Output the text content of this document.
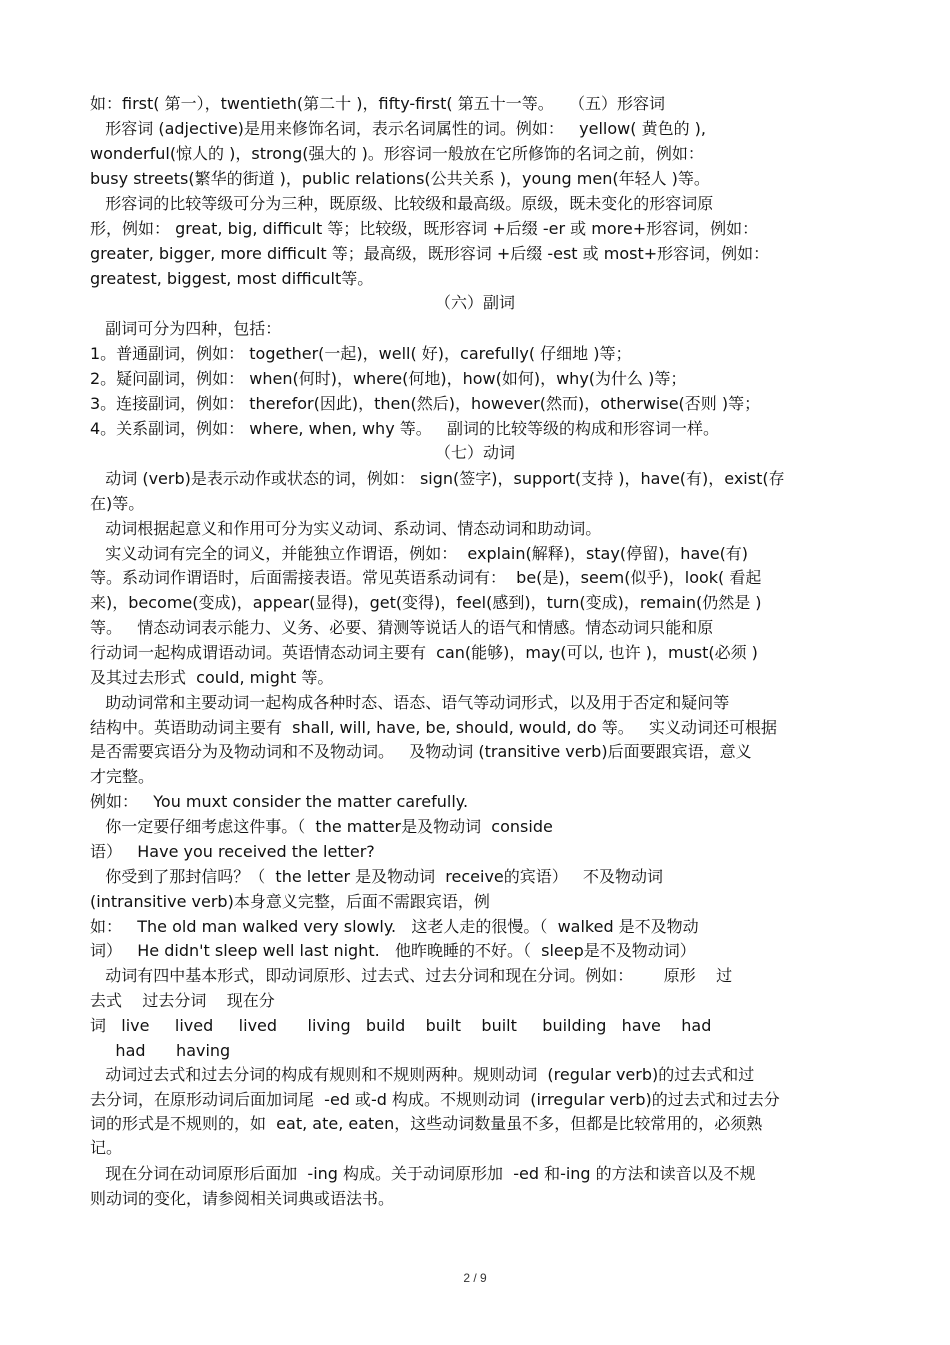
如：first( 第一），twentieth(第二十 )，fifty-first( 第五十一等。   （五）形容词
形容词 (adjective)是用来修饰名词，表示名词属性的词。例如：   yellow( 黄色的 ),
wonderful(惊人的 )，strong(强大的 )。形容词一般放在它所修饰的名词之前，例如：
busy streets(繁华的街道 )，public relations(公共关系 )，young men(年轻人 )等。
形容词的比较等级可分为三种，既原级、比较级和最高级。原级，既未变化的形容词原
形，例如： great, big, difficult 等；比较级，既形容词 +后缀 -er 或 more+形容词，例如：
greater, bigger, more difficult 等；最高级，既形容词 +后缀 -est 或 most+形容词，例如：
greatest, biggest, most difficult等。
（六）副词
副词可分为四种，包括：
1。普通副词，例如： together(一起)，well( 好)，carefully( 仔细地 )等；
2。疑问副词，例如： when(何时)，where(何地)，how(如何)，why(为什么 )等；
3。连接副词，例如： therefor(因此)，then(然后)，however(然而)，otherwise(否则 )等；
4。关系副词，例如： where, when, why 等。   副词的比较等级的构成和形容词一样。
（七）动词
动词 (verb)是表示动作或状态的词，例如： sign(签字)，support(支持 )，have(有)，exist(存
在)等。
动词根据起意义和作用可分为实义动词、系动词、情态动词和助动词。
实义动词有完全的词义，并能独立作谓语，例如：  explain(解释)，stay(停留)，have(有)
等。系动词作谓语时，后面需接表语。常见英语系动词有：  be(是)，seem(似乎)，look( 看起
来)，become(变成)，appear(显得)，get(变得)，feel(感到)，turn(变成)，remain(仍然是 )
等。   情态动词表示能力、义务、必要、猜测等说话人的语气和情感。情态动词只能和原
行动词一起构成谓语动词。英语情态动词主要有  can(能够)，may(可以, 也许 )，must(必须 )
及其过去形式  could, might 等。
助动词常和主要动词一起构成各种时态、语态、语气等动词形式，以及用于否定和疑问等
结构中。英语助动词主要有  shall, will, have, be, should, would, do 等。   实义动词还可根据
是否需要宾语分为及物动词和不及物动词。   及物动词 (transitive verb)后面要跟宾语，意义
才完整。
例如：   You muxt consider the matter carefully.
你一定要仔细考虑这件事。（  the matter是及物动词  conside
语）   Have you received the letter?
你受到了那封信吗？（  the letter 是及物动词  receive的宾语）   不及物动词
(intransitive verb)本身意义完整，后面不需跟宾语，例
如：   The old man walked very slowly.   这老人走的很慢。（  walked 是不及物动
词）   He didn't sleep well last night.   他昨晚睡的不好。（  sleep是不及物动词）
动词有四中基本形式，即动词原形、过去式、过去分词和现在分词。例如：      原形    过
去式    过去分词    现在分
词   live     lived     lived      living   build    built    built     building   have    had
had      having
动词过去式和过去分词的构成有规则和不规则两种。规则动词  (regular verb)的过去式和过
去分词，在原形动词后面加词尾  -ed 或-d 构成。不规则动词  (irregular verb)的过去式和过去分
词的形式是不规则的，如  eat, ate, eaten，这些动词数量虽不多，但都是比较常用的，必须熟
记。
现在分词在动词原形后面加  -ing 构成。关于动词原形加  -ed 和-ing 的方法和读音以及不规
则动词的变化，请参阅相关词典或语法书。
2 / 9
